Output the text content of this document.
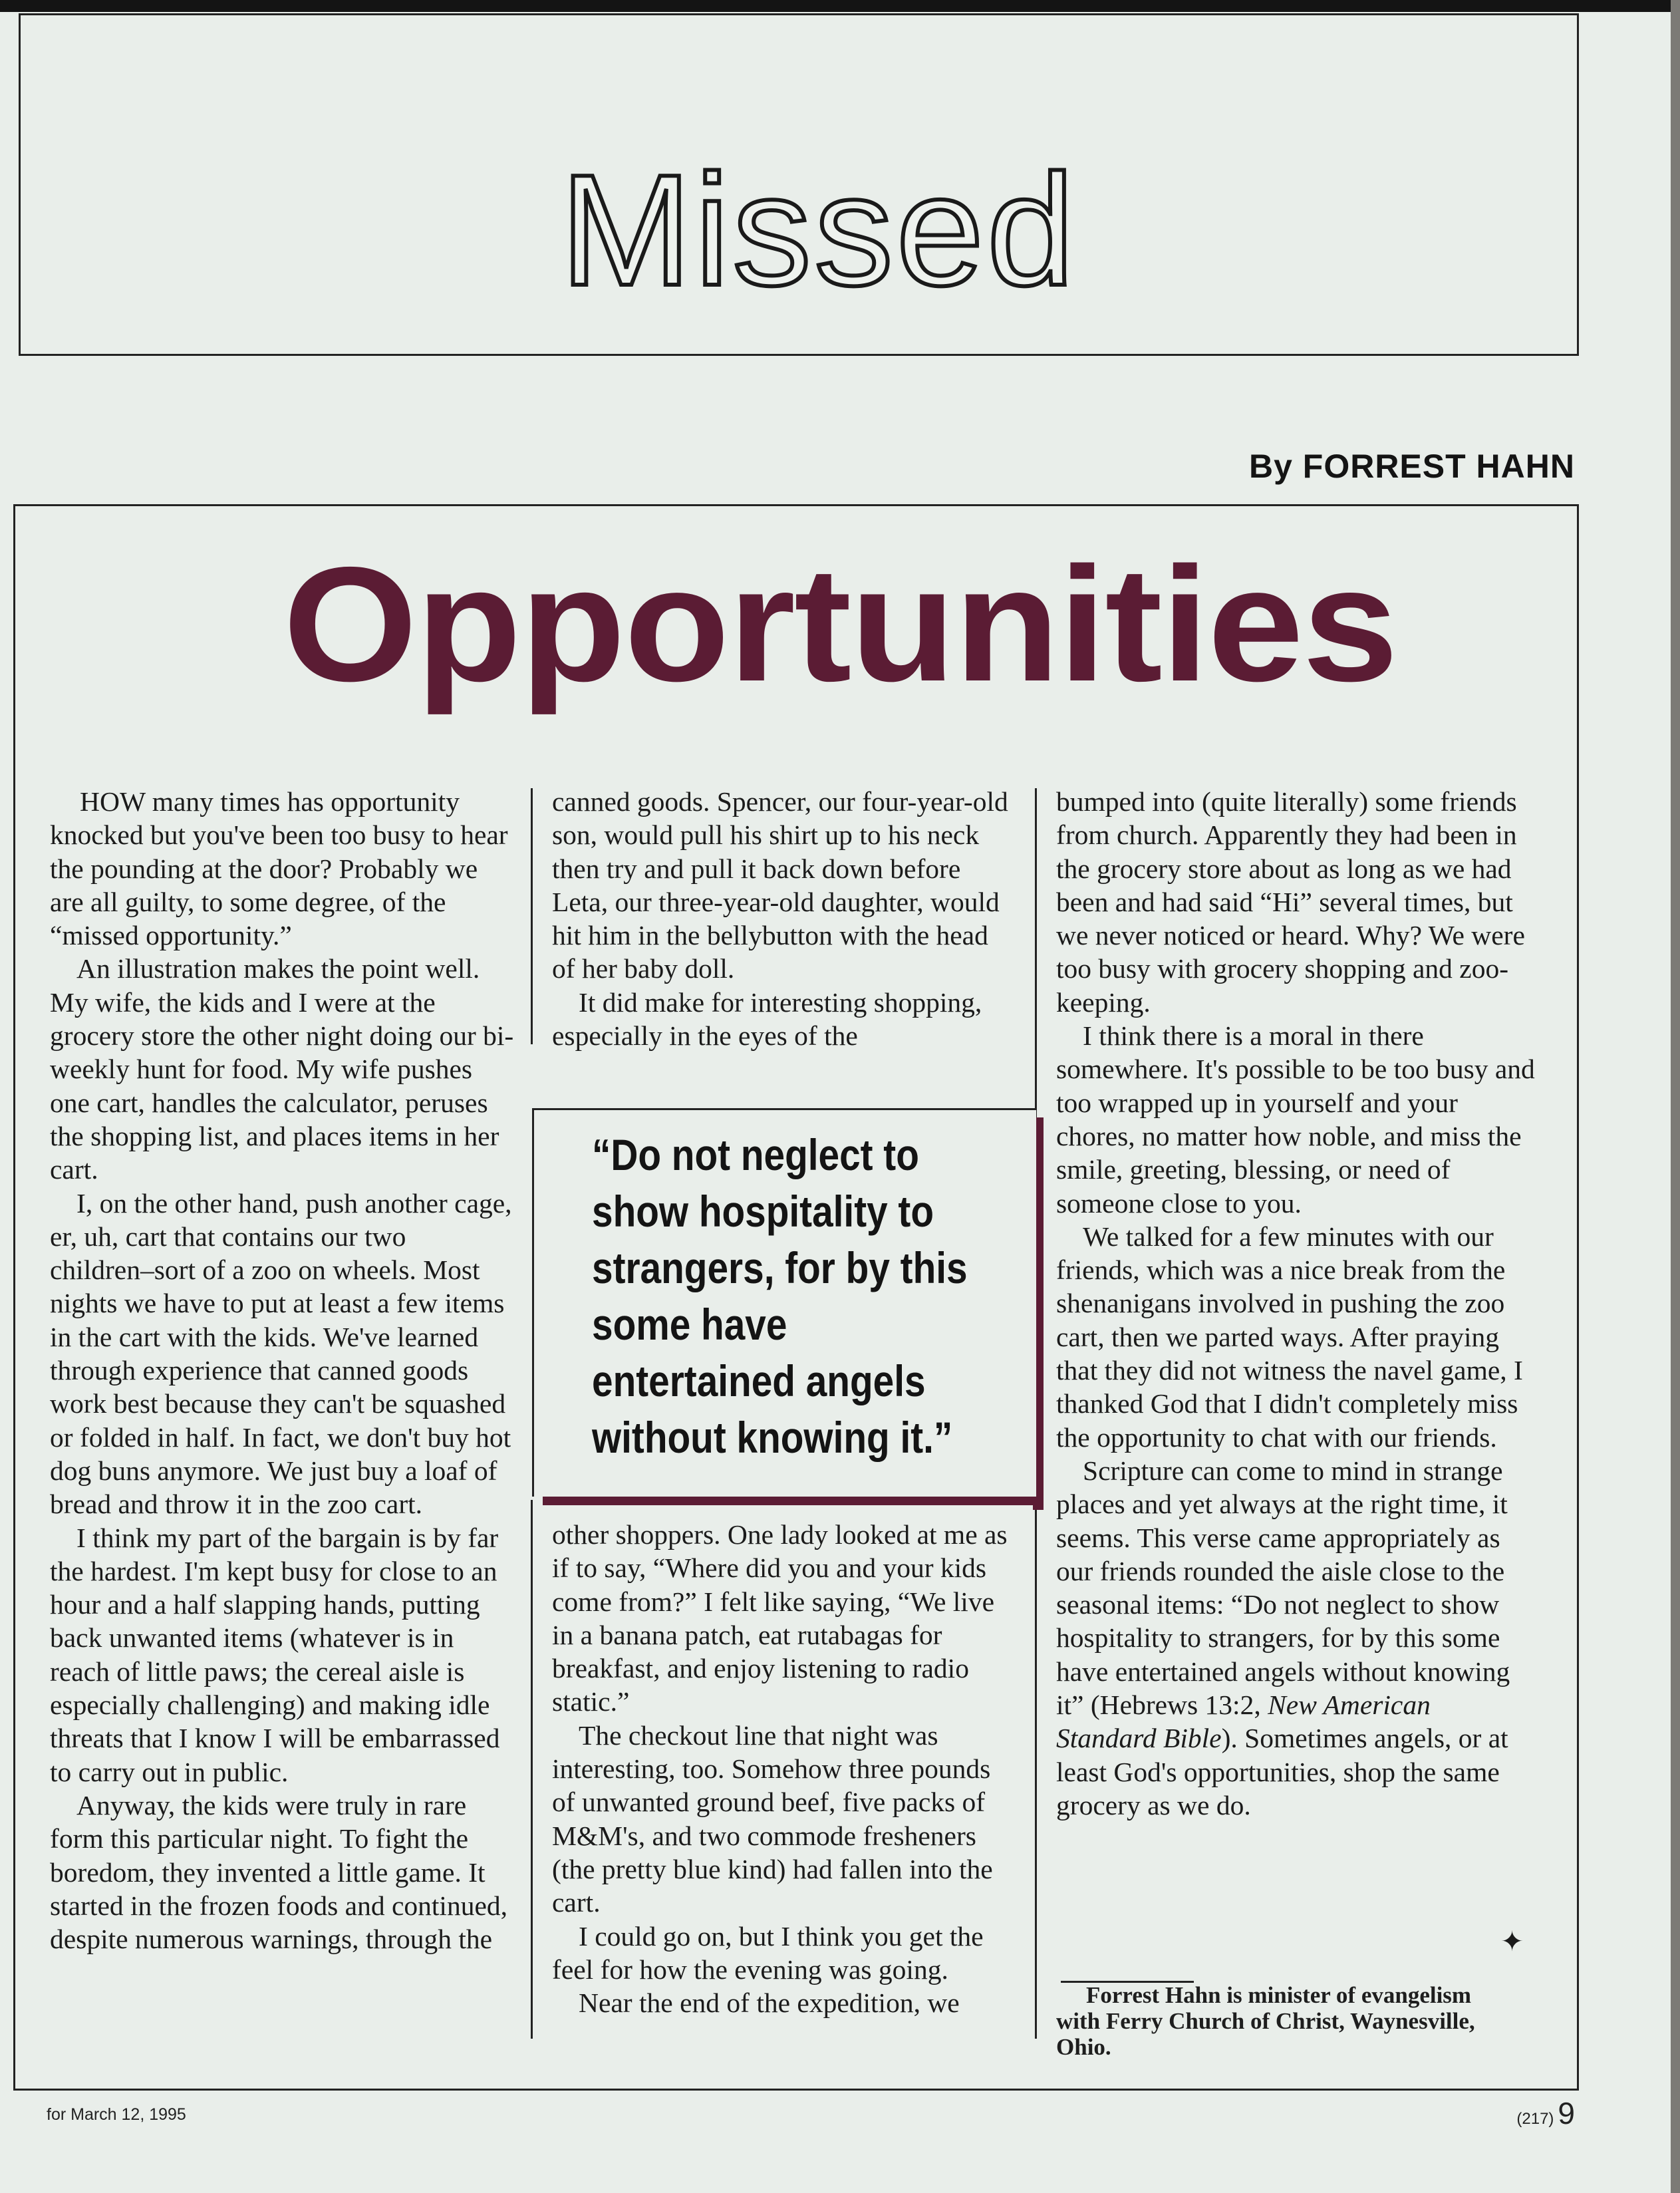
Missed
By FORREST HAHN
Opportunities

HOW many times has opportunity knocked but you've been too busy to hear the pounding at the door? Probably we are all guilty, to some degree, of the “missed opportunity.”

An illustration makes the point well. My wife, the kids and I were at the grocery store the other night doing our bi-weekly hunt for food. My wife pushes one cart, handles the calculator, peruses the shopping list, and places items in her cart.

I, on the other hand, push another cage, er, uh, cart that contains our two children–sort of a zoo on wheels. Most nights we have to put at least a few items in the cart with the kids. We've learned through experience that canned goods work best because they can't be squashed or folded in half. In fact, we don't buy hot dog buns anymore. We just buy a loaf of bread and throw it in the zoo cart.

I think my part of the bargain is by far the hardest. I'm kept busy for close to an hour and a half slapping hands, putting back unwanted items (whatever is in reach of little paws; the cereal aisle is especially challenging) and making idle threats that I know I will be embarrassed to carry out in public.

Anyway, the kids were truly in rare form this particular night. To fight the boredom, they invented a little game. It started in the frozen foods and continued, despite numerous warnings, through the

canned goods. Spencer, our four-year-old son, would pull his shirt up to his neck then try and pull it back down before Leta, our three-year-old daughter, would hit him in the bellybutton with the head of her baby doll.

It did make for interesting shopping, especially in the eyes of the

“Do not neglect to show hospitality to strangers, for by this some have entertained angels without knowing it.”

other shoppers. One lady looked at me as if to say, “Where did you and your kids come from?” I felt like saying, “We live in a banana patch, eat rutabagas for breakfast, and enjoy listening to radio static.”

The checkout line that night was interesting, too. Somehow three pounds of unwanted ground beef, five packs of M&M's, and two commode fresheners (the pretty blue kind) had fallen into the cart.

I could go on, but I think you get the feel for how the evening was going.

Near the end of the expedition, we

bumped into (quite literally) some friends from church. Apparently they had been in the grocery store about as long as we had been and had said “Hi” several times, but we never noticed or heard. Why? We were too busy with grocery shopping and zoo-keeping.

I think there is a moral in there somewhere. It's possible to be too busy and too wrapped up in yourself and your chores, no matter how noble, and miss the smile, greeting, blessing, or need of someone close to you.

We talked for a few minutes with our friends, which was a nice break from the shenanigans involved in pushing the zoo cart, then we parted ways. After praying that they did not witness the navel game, I thanked God that I didn't completely miss the opportunity to chat with our friends.

Scripture can come to mind in strange places and yet always at the right time, it seems. This verse came appropriately as our friends rounded the aisle close to the seasonal items: “Do not neglect to show hospitality to strangers, for by this some have entertained angels without knowing it” (Hebrews 13:2, New American Standard Bible). Sometimes angels, or at least God's opportunities, shop the same grocery as we do.

✦
Forrest Hahn is minister of evangelism
with Ferry Church of Christ, Waynesville,
Ohio.
for March 12, 1995	(217) 9
